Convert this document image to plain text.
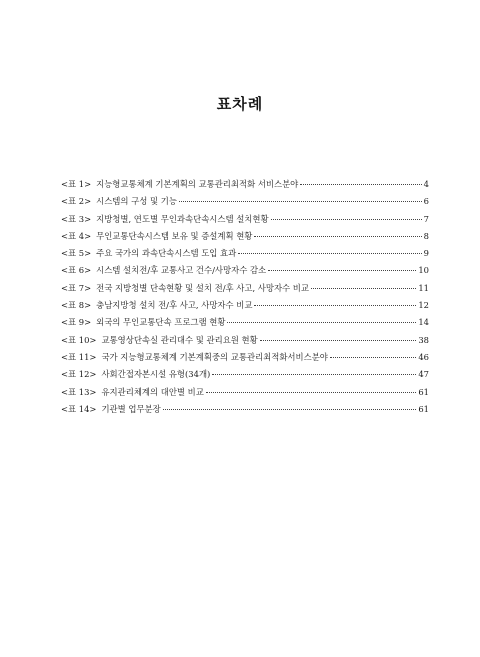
표차례
<표 1> 지능형교통체계 기본계획의 교통관리최적화 서비스분야	4
<표 2> 시스템의 구성 및 기능	6
<표 3> 지방청별, 연도별 무인과속단속시스템 설치현황	7
<표 4> 무인교통단속시스템 보유 및 증설계획 현황	8
<표 5> 주요 국가의 과속단속시스템 도입 효과	9
<표 6> 시스템 설치전/후 교통사고 건수/사망자수 감소	10
<표 7> 전국 지방청별 단속현황 및 설치 전/후 사고, 사망자수 비교	11
<표 8> 충남지방청 설치 전/후 사고, 사망자수 비교	12
<표 9> 외국의 무인교통단속 프로그램 현황	14
<표 10> 교통영상단속실 관리대수 및 관리요원 현황	38
<표 11> 국가 지능형교통체계 기본계획중의 교통관리최적화서비스분야	46
<표 12> 사회간접자본시설 유형(34개)	47
<표 13> 유지관리체계의 대안별 비교	61
<표 14> 기관별 업무분장	61
